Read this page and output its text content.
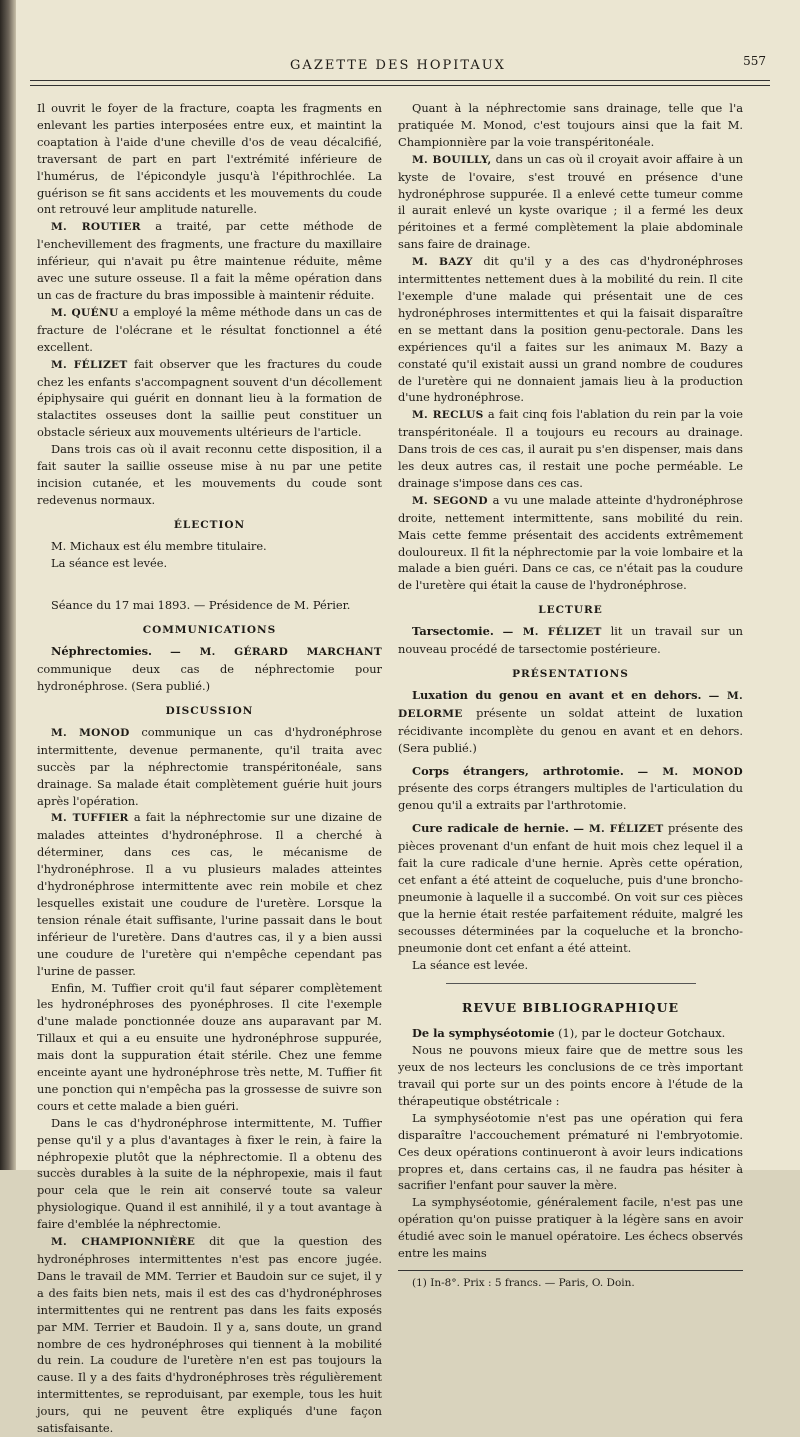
GAZETTE DES HOPITAUX	557

Il ouvrit le foyer de la fracture, coapta les fragments en enlevant les parties interposées entre eux, et maintint la coaptation à l'aide d'une cheville d'os de veau décalcifié, traversant de part en part l'extrémité inférieure de l'humérus, de l'épicondyle jusqu'à l'épithrochlée. La guérison se fit sans accidents et les mouvements du coude ont retrouvé leur amplitude naturelle.

M. ROUTIER a traité, par cette méthode de l'enchevillement des fragments, une fracture du maxillaire inférieur, qui n'avait pu être maintenue réduite, même avec une suture osseuse. Il a fait la même opération dans un cas de fracture du bras impossible à maintenir réduite.

M. QUÉNU a employé la même méthode dans un cas de fracture de l'olécrane et le résultat fonctionnel a été excellent.

M. FÉLIZET fait observer que les fractures du coude chez les enfants s'accompagnent souvent d'un décollement épiphysaire qui guérit en donnant lieu à la formation de stalactites osseuses dont la saillie peut constituer un obstacle sérieux aux mouvements ultérieurs de l'article.

Dans trois cas où il avait reconnu cette disposition, il a fait sauter la saillie osseuse mise à nu par une petite incision cutanée, et les mouvements du coude sont redevenus normaux.

ÉLECTION

M. Michaux est élu membre titulaire.

La séance est levée.

Séance du 17 mai 1893. — Présidence de M. Périer.

COMMUNICATIONS

Néphrectomies. — M. GÉRARD MARCHANT communique deux cas de néphrectomie pour hydronéphrose. (Sera publié.)

DISCUSSION

M. MONOD communique un cas d'hydronéphrose intermittente, devenue permanente, qu'il traita avec succès par la néphrectomie transpéritonéale, sans drainage. Sa malade était complètement guérie huit jours après l'opération.

M. TUFFIER a fait la néphrectomie sur une dizaine de malades atteintes d'hydronéphrose. Il a cherché à déterminer, dans ces cas, le mécanisme de l'hydronéphrose. Il a vu plusieurs malades atteintes d'hydronéphrose intermittente avec rein mobile et chez lesquelles existait une coudure de l'uretère. Lorsque la tension rénale était suffisante, l'urine passait dans le bout inférieur de l'uretère. Dans d'autres cas, il y a bien aussi une coudure de l'uretère qui n'empêche cependant pas l'urine de passer.

Enfin, M. Tuffier croit qu'il faut séparer complètement les hydronéphroses des pyonéphroses. Il cite l'exemple d'une malade ponctionnée douze ans auparavant par M. Tillaux et qui a eu ensuite une hydronéphrose suppurée, mais dont la suppuration était stérile. Chez une femme enceinte ayant une hydronéphrose très nette, M. Tuffier fit une ponction qui n'empêcha pas la grossesse de suivre son cours et cette malade a bien guéri.

Dans le cas d'hydronéphrose intermittente, M. Tuffier pense qu'il y a plus d'avantages à fixer le rein, à faire la néphropexie plutôt que la néphrectomie. Il a obtenu des succès durables à la suite de la néphropexie, mais il faut pour cela que le rein ait conservé toute sa valeur physiologique. Quand il est annihilé, il y a tout avantage à faire d'emblée la néphrectomie.

M. CHAMPIONNIÈRE dit que la question des hydronéphroses intermittentes n'est pas encore jugée. Dans le travail de MM. Terrier et Baudoin sur ce sujet, il y a des faits bien nets, mais il est des cas d'hydronéphroses intermittentes qui ne rentrent pas dans les faits exposés par MM. Terrier et Baudoin. Il y a, sans doute, un grand nombre de ces hydronéphroses qui tiennent à la mobilité du rein. La coudure de l'uretère n'en est pas toujours la cause. Il y a des faits d'hydronéphroses très régulièrement intermittentes, se reproduisant, par exemple, tous les huit jours, qui ne peuvent être expliqués d'une façon satisfaisante.

Quant à la néphrectomie sans drainage, telle que l'a pratiquée M. Monod, c'est toujours ainsi que la fait M. Championnière par la voie transpéritonéale.

M. BOUILLY, dans un cas où il croyait avoir affaire à un kyste de l'ovaire, s'est trouvé en présence d'une hydronéphrose suppurée. Il a enlevé cette tumeur comme il aurait enlevé un kyste ovarique ; il a fermé les deux péritoines et a fermé complètement la plaie abdominale sans faire de drainage.

M. BAZY dit qu'il y a des cas d'hydronéphroses intermittentes nettement dues à la mobilité du rein. Il cite l'exemple d'une malade qui présentait une de ces hydronéphroses intermittentes et qui la faisait disparaître en se mettant dans la position genu-pectorale. Dans les expériences qu'il a faites sur les animaux M. Bazy a constaté qu'il existait aussi un grand nombre de coudures de l'uretère qui ne donnaient jamais lieu à la production d'une hydronéphrose.

M. RECLUS a fait cinq fois l'ablation du rein par la voie transpéritonéale. Il a toujours eu recours au drainage. Dans trois de ces cas, il aurait pu s'en dispenser, mais dans les deux autres cas, il restait une poche perméable. Le drainage s'impose dans ces cas.

M. SEGOND a vu une malade atteinte d'hydronéphrose droite, nettement intermittente, sans mobilité du rein. Mais cette femme présentait des accidents extrêmement douloureux. Il fit la néphrectomie par la voie lombaire et la malade a bien guéri. Dans ce cas, ce n'était pas la coudure de l'uretère qui était la cause de l'hydronéphrose.

LECTURE

Tarsectomie. — M. FÉLIZET lit un travail sur un nouveau procédé de tarsectomie postérieure.

PRÉSENTATIONS

Luxation du genou en avant et en dehors. — M. DELORME présente un soldat atteint de luxation récidivante incomplète du genou en avant et en dehors. (Sera publié.)

Corps étrangers, arthrotomie. — M. MONOD présente des corps étrangers multiples de l'articulation du genou qu'il a extraits par l'arthrotomie.

Cure radicale de hernie. — M. FÉLIZET présente des pièces provenant d'un enfant de huit mois chez lequel il a fait la cure radicale d'une hernie. Après cette opération, cet enfant a été atteint de coqueluche, puis d'une broncho-pneumonie à laquelle il a succombé. On voit sur ces pièces que la hernie était restée parfaitement réduite, malgré les secousses déterminées par la coqueluche et la broncho-pneumonie dont cet enfant a été atteint.

La séance est levée.

REVUE BIBLIOGRAPHIQUE

De la symphyséotomie (1), par le docteur Gotchaux.

Nous ne pouvons mieux faire que de mettre sous les yeux de nos lecteurs les conclusions de ce très important travail qui porte sur un des points encore à l'étude de la thérapeutique obstétricale :

La symphyséotomie n'est pas une opération qui fera disparaître l'accouchement prématuré ni l'embryotomie. Ces deux opérations continueront à avoir leurs indications propres et, dans certains cas, il ne faudra pas hésiter à sacrifier l'enfant pour sauver la mère.

La symphyséotomie, généralement facile, n'est pas une opération qu'on puisse pratiquer à la légère sans en avoir étudié avec soin le manuel opératoire. Les échecs observés entre les mains

(1) In-8°. Prix : 5 francs. — Paris, O. Doin.
